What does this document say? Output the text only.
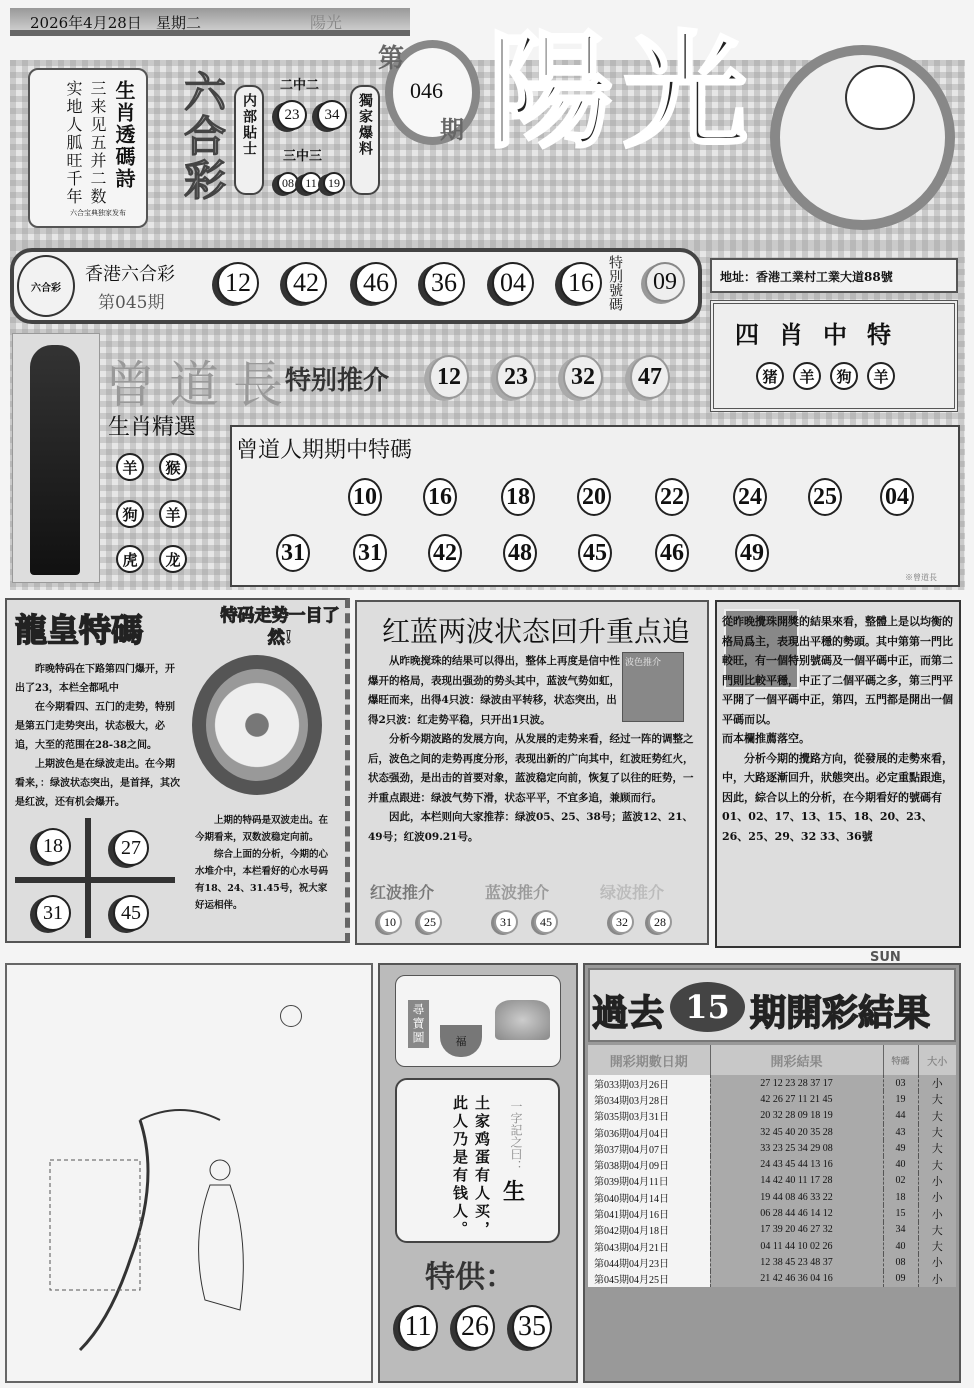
2026年4月28日 星期二	陽光
生肖透碼詩
三来见五并二数
实地人胍旺千年
六合宝典独家发布
六合彩	内部貼士
二中二
23	34
三中三
08 11 19
獨家爆料
第
046
期 陽光
六合彩
香港六合彩
第045期	特別號碼	09	地址：香港工業村工業大道88號
四肖中特
猪	羊	狗	羊
曾道長
特别推介
生肖精選
曾道人期期中特碼
※曾道長
龍皇特碼	特码走势一目了然!

昨晚特码在下路第四门爆开，开出了23，本栏全都吼中

在今期看四、五门的走势，特别是第五门走势突出，状态极大，必追，大至的范围在28-38之间。

上期波色是在绿波走出。在今期看来，：绿波状态突出，是首择，其次是红波，还有机会爆开。

上期的特码是双波走出。在今期看来，双数波稳定向前。

综合上面的分析，今期的心水堆介中，本栏看好的心水号码有18、24、31.45号，祝大家好运相伴。

18	27
31	45
红蓝两波状态回升重点追
波色推介

从昨晚搅珠的结果可以得出，整体上再度是信中性爆开的格局，表现出强劲的势头其中，蓝波气势如虹，爆旺而来，出得4只波：绿波由平转移，状态突出，出得2只波：红走势平稳，只开出1只波。

分析今期波路的发展方向，从发展的走势来看，经过一阵的调整之后，波色之间的走势再度分形，表现出新的广向其中，红波旺势红火，状态强劲，是出击的首要对象，蓝波稳定向前，恢复了以往的旺势，一并重点跟进：绿波气势下滑，状态平平，不宜多追，兼顾而行。

因此，本栏则向大家推荐：绿波05、25、38号；蓝波12、21、49号；红波09.21号。

從昨晚攪珠開獎的結果來看，整體上是以均衡的格局爲主，表現出平穩的勢頭。其中第第一門比較旺，有一個特别號碼及一個平碼中正，而第二門則比較平穩，中正了二個平碼之多，第三門平平開了一個平碼中正，第四，五門都是開出一個平碼而以。

而本欄推薦落空。

分析今期的攪路方向，從發展的走勢來看，中，大路逐漸回升，狀態突出。必定重點跟進，因此，綜合以上的分析，在今期看好的號碼有01、02、17、13、15、18、20、23、26、25、29、32 33、36號

尋寶圖	福
土家鸡蛋有人买，
此人乃是有钱人。	一字記之曰：
生
特供：
11 26 35
SUN
過去 15 期開彩結果
開彩期數日期	開彩結果	特碼	大小
第033期03月26日	27 12 23 28 37 17	03	小
第034期03月28日	42 26 27 11 21 45	19	大
第035期03月31日	20 32 28 09 18 19	44	大
第036期04月04日	32 45 40 20 35 28	43	大
第037期04月07日	33 23 25 34 29 08	49	大
第038期04月09日	24 43 45 44 13 16	40	大
第039期04月11日	14 42 40 11 17 28	02	小
第040期04月14日	19 44 08 46 33 22	18	小
第041期04月16日	06 28 44 46 14 12	15	小
第042期04月18日	17 39 20 46 27 32	34	大
第043期04月21日	04 11 44 10 02 26	40	大
第044期04月23日	12 38 45 23 48 37	08	小
第045期04月25日	21 42 46 36 04 16	09	小
12	42	46	36	04	16
12	23	32	47
羊	猴
狗	羊
虎	龙
10 16 18 20 22 24 25 04
31 31 42 48 45 46 49
红波推介
10	25
蓝波推介
31	45
绿波推介
32	28
